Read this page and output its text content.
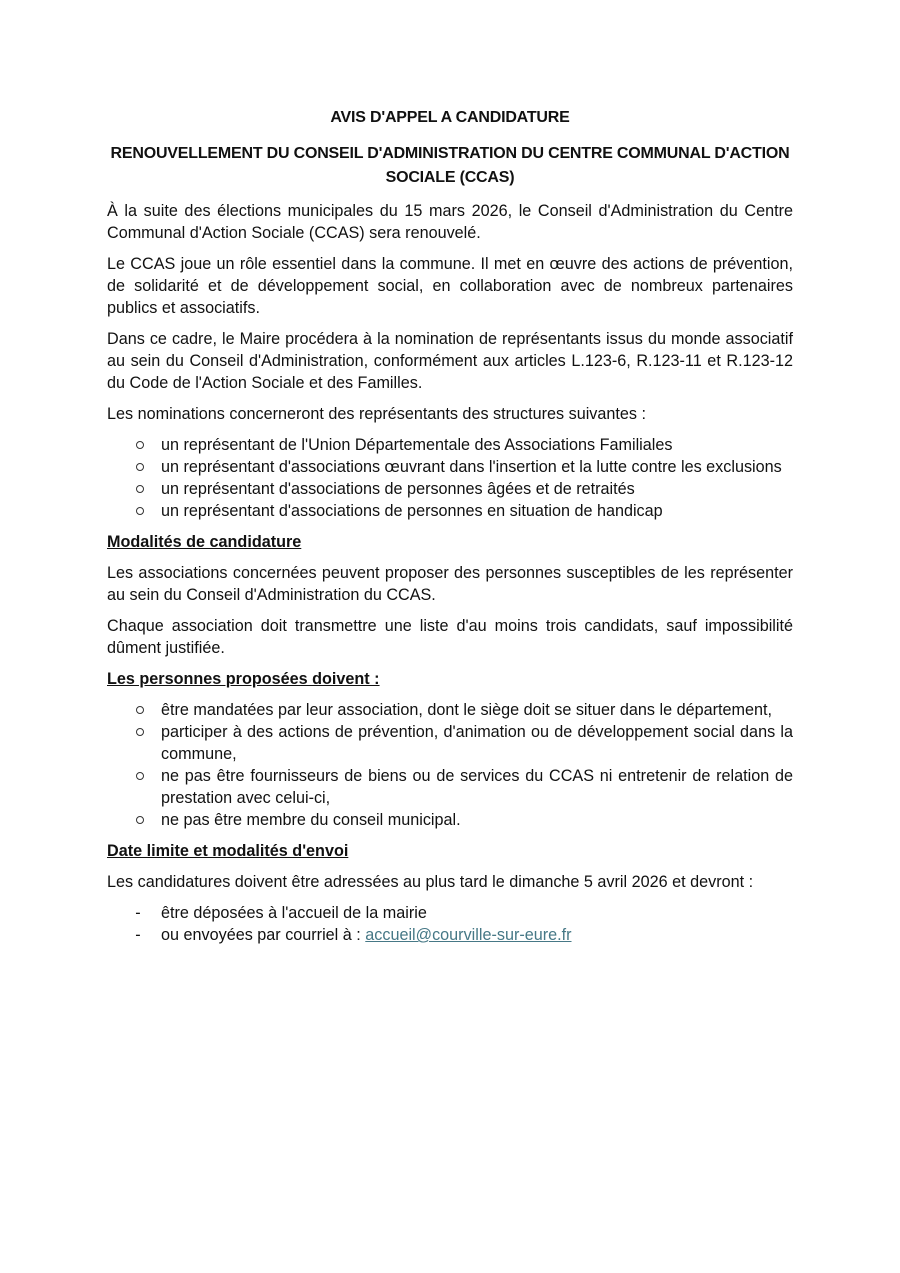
AVIS D'APPEL A CANDIDATURE
RENOUVELLEMENT DU CONSEIL D'ADMINISTRATION DU CENTRE COMMUNAL D'ACTION SOCIALE (CCAS)

À la suite des élections municipales du 15 mars 2026, le Conseil d'Administration du Centre Communal d'Action Sociale (CCAS) sera renouvelé.

Le CCAS joue un rôle essentiel dans la commune. Il met en œuvre des actions de prévention, de solidarité et de développement social, en collaboration avec de nombreux partenaires publics et associatifs.

Dans ce cadre, le Maire procédera à la nomination de représentants issus du monde associatif au sein du Conseil d'Administration, conformément aux articles L.123-6, R.123-11 et R.123-12 du Code de l'Action Sociale et des Familles.

Les nominations concerneront des représentants des structures suivantes :

un représentant de l'Union Départementale des Associations Familiales
un représentant d'associations œuvrant dans l'insertion et la lutte contre les exclusions
un représentant d'associations de personnes âgées et de retraités
un représentant d'associations de personnes en situation de handicap
Modalités de candidature

Les associations concernées peuvent proposer des personnes susceptibles de les représenter au sein du Conseil d'Administration du CCAS.

Chaque association doit transmettre une liste d'au moins trois candidats, sauf impossibilité dûment justifiée.

Les personnes proposées doivent :
être mandatées par leur association, dont le siège doit se situer dans le département,
participer à des actions de prévention, d'animation ou de développement social dans la commune,
ne pas être fournisseurs de biens ou de services du CCAS ni entretenir de relation de prestation avec celui-ci,
ne pas être membre du conseil municipal.
Date limite et modalités d'envoi

Les candidatures doivent être adressées au plus tard le dimanche 5 avril 2026 et devront :

- être déposées à l'accueil de la mairie
- ou envoyées par courriel à : accueil@courville-sur-eure.fr
